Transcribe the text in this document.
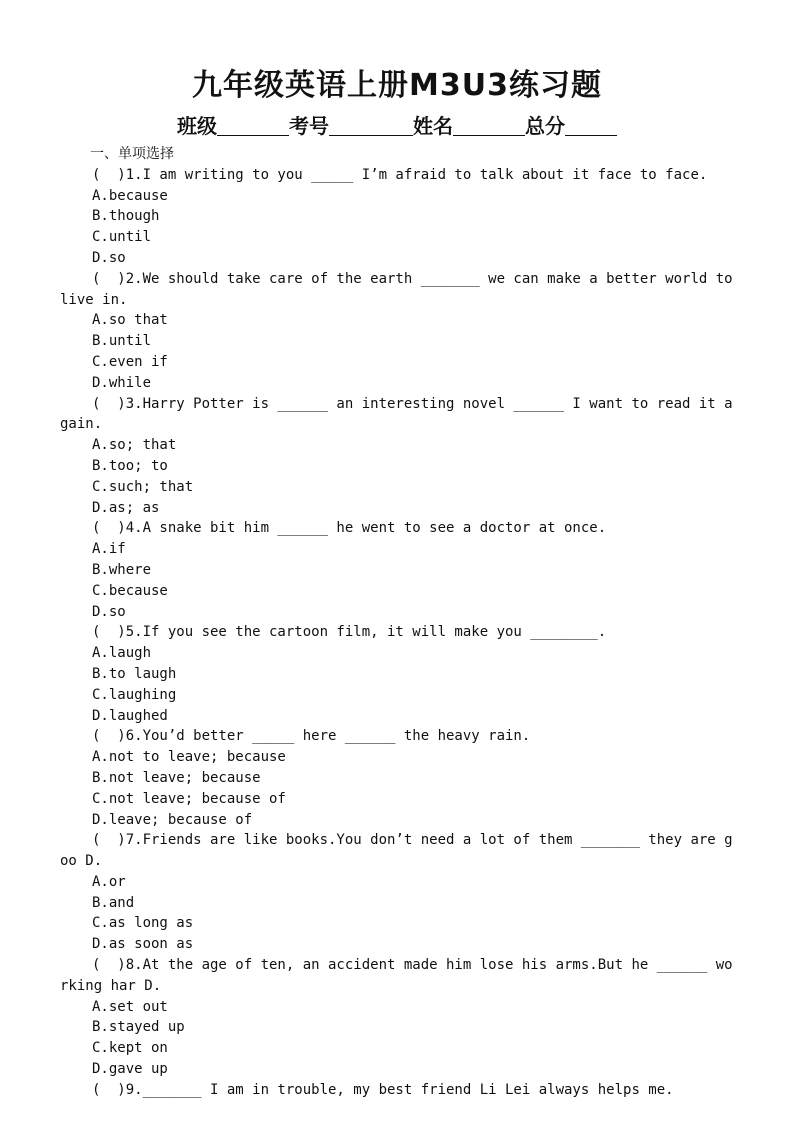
九年级英语上册M3U3练习题
班级	考号	姓名	总分
一、单项选择
(  )1.I am writing to you _____ I’m afraid to talk about it face to face.
A.because
B.though
C.until
D.so
(  )2.We should take care of the earth _______ we can make a better world to live in.
A.so that
B.until
C.even if
D.while
(  )3.Harry Potter is ______ an interesting novel ______ I want to read it again.
A.so; that
B.too; to
C.such; that
D.as; as
(  )4.A snake bit him ______ he went to see a doctor at once.
A.if
B.where
C.because
D.so
(  )5.If you see the cartoon film, it will make you ________.
A.laugh
B.to laugh
C.laughing
D.laughed
(  )6.You’d better _____ here ______ the heavy rain.
A.not to leave; because
B.not leave; because
C.not leave; because of
D.leave; because of
(  )7.Friends are like books.You don’t need a lot of them _______ they are goo D.
A.or
B.and
C.as long as
D.as soon as
(  )8.At the age of ten, an accident made him lose his arms.But he ______ working har D.
A.set out
B.stayed up
C.kept on
D.gave up
(  )9._______ I am in trouble, my best friend Li Lei always helps me.
